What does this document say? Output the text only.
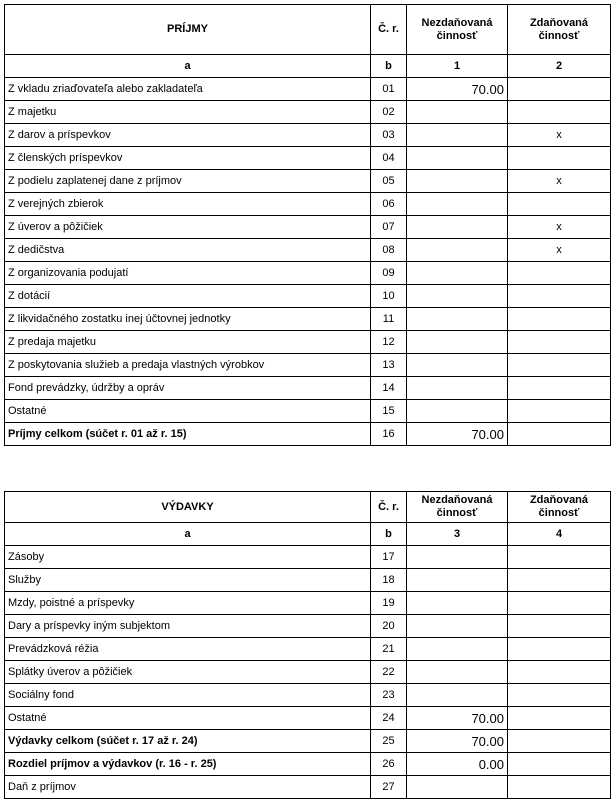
PRÍJMY	Č. r.	Nezdaňovaná činnosť	Zdaňovaná činnosť
a	b	1	2
Z vkladu zriaďovateľa alebo zakladateľa	01	70.00	
Z majetku	02		
Z darov a príspevkov	03		x
Z členských príspevkov	04		
Z podielu zaplatenej dane z príjmov	05		x
Z verejných zbierok	06		
Z úverov a pôžičiek	07		x
Z dedičstva	08		x
Z organizovania podujatí	09		
Z dotácií	10		
Z likvidačného zostatku inej účtovnej jednotky	11		
Z predaja majetku	12		
Z poskytovania služieb a predaja vlastných výrobkov	13		
Fond prevádzky, údržby a opráv	14		
Ostatné	15		
Príjmy celkom (súčet r. 01 až r. 15)	16	70.00	
VÝDAVKY	Č. r.	Nezdaňovaná činnosť	Zdaňovaná činnosť
a	b	3	4
Zásoby	17		
Služby	18		
Mzdy, poistné a príspevky	19		
Dary a príspevky iným subjektom	20		
Prevádzková réžia	21		
Splátky úverov a pôžičiek	22		
Sociálny fond	23		
Ostatné	24	70.00	
Výdavky celkom (súčet r. 17 až r. 24)	25	70.00	
Rozdiel príjmov a výdavkov (r. 16 - r. 25)	26	0.00	
Daň z príjmov	27		
